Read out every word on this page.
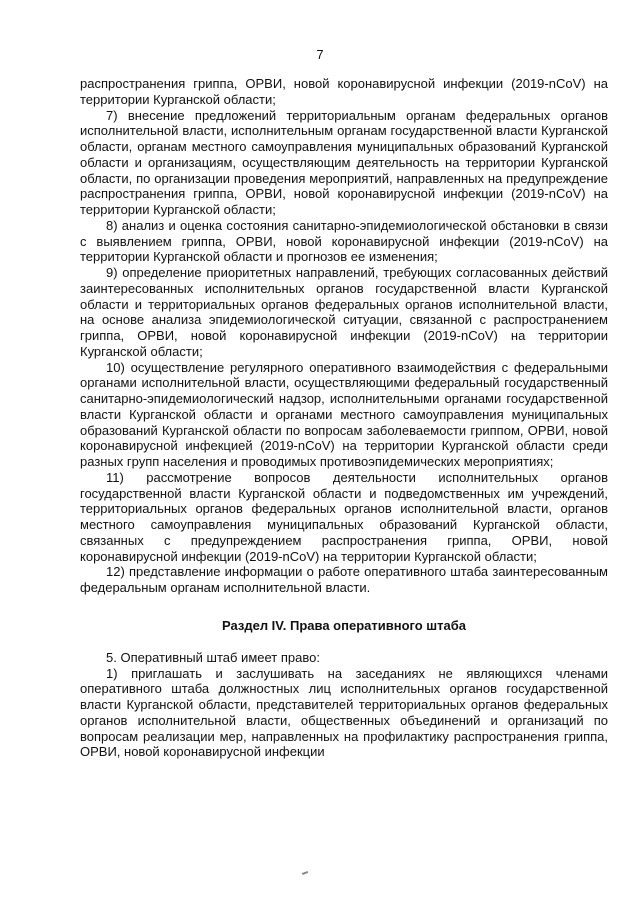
7

распространения гриппа, ОРВИ, новой коронавирусной инфекции (2019-nCoV) на территории Курганской области;

7) внесение предложений территориальным органам федеральных органов исполнительной власти, исполнительным органам государственной власти Курганской области, органам местного самоуправления муниципальных образований Курганской области и организациям, осуществляющим деятельность на территории Курганской области, по организации проведения мероприятий, направленных на предупреждение распространения гриппа, ОРВИ, новой коронавирусной инфекции (2019-nCoV) на территории Курганской области;

8) анализ и оценка состояния санитарно-эпидемиологической обстановки в связи с выявлением гриппа, ОРВИ, новой коронавирусной инфекции (2019-nCoV) на территории Курганской области и прогнозов ее изменения;

9) определение приоритетных направлений, требующих согласованных действий заинтересованных исполнительных органов государственной власти Курганской области и территориальных органов федеральных органов исполнительной власти, на основе анализа эпидемиологической ситуации, связанной с распространением гриппа, ОРВИ, новой коронавирусной инфекции (2019-nCoV) на территории Курганской области;

10) осуществление регулярного оперативного взаимодействия с федеральными органами исполнительной власти, осуществляющими федеральный государственный санитарно-эпидемиологический надзор, исполнительными органами государственной власти Курганской области и органами местного самоуправления муниципальных образований Курганской области по вопросам заболеваемости гриппом, ОРВИ, новой коронавирусной инфекцией (2019-nCoV) на территории Курганской области среди разных групп населения и проводимых противоэпидемических мероприятиях;

11) рассмотрение вопросов деятельности исполнительных органов государственной власти Курганской области и подведомственных им учреждений, территориальных органов федеральных органов исполнительной власти, органов местного самоуправления муниципальных образований Курганской области, связанных с предупреждением распространения гриппа, ОРВИ, новой коронавирусной инфекции (2019-nCoV) на территории Курганской области;

12) представление информации о работе оперативного штаба заинтересованным федеральным органам исполнительной власти.

Раздел IV. Права оперативного штаба

5. Оперативный штаб имеет право:

1) приглашать и заслушивать на заседаниях не являющихся членами оперативного штаба должностных лиц исполнительных органов государственной власти Курганской области, представителей территориальных органов федеральных органов исполнительной власти, общественных объединений и организаций по вопросам реализации мер, направленных на профилактику распространения гриппа, ОРВИ, новой коронавирусной инфекции
